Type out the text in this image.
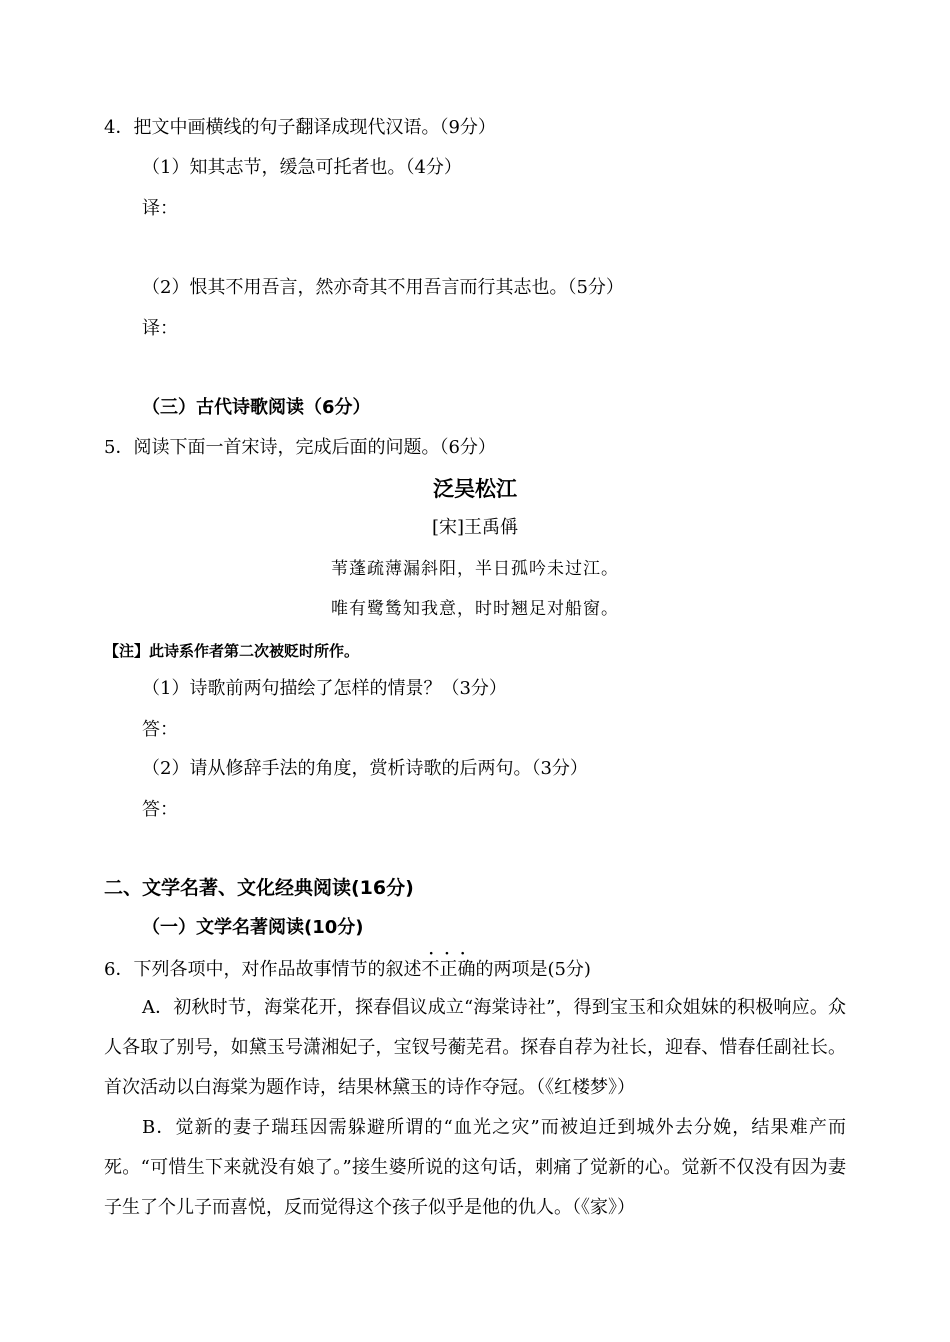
4．把文中画横线的句子翻译成现代汉语。（9分）
（1）知其志节，缓急可托者也。（4分）
译：
（2）恨其不用吾言，然亦奇其不用吾言而行其志也。（5分）
译：
（三）古代诗歌阅读（6分）
5．阅读下面一首宋诗，完成后面的问题。（6分）
泛吴松江
[宋]王禹偁
苇蓬疏薄漏斜阳，半日孤吟未过江。
唯有鹭鸶知我意，时时翘足对船窗。
【注】此诗系作者第二次被贬时所作。
（1）诗歌前两句描绘了怎样的情景？（3分）
答：
（2）请从修辞手法的角度，赏析诗歌的后两句。（3分）
答：
二、文学名著、文化经典阅读(16分)
（一）文学名著阅读(10分)
6．下列各项中，对作品故事情节的叙述· · · 不正确的两项是(5分)
A．初秋时节，海棠花开，探春倡议成立“海棠诗社”，得到宝玉和众姐妹的积极响应。众人各取了别号，如黛玉号潇湘妃子，宝钗号蘅芜君。探春自荐为社长，迎春、惜春任副社长。首次活动以白海棠为题作诗，结果林黛玉的诗作夺冠。（《红楼梦》）
B．觉新的妻子瑞珏因需躲避所谓的“血光之灾”而被迫迁到城外去分娩，结果难产而死。“可惜生下来就没有娘了。”接生婆所说的这句话，刺痛了觉新的心。觉新不仅没有因为妻子生了个儿子而喜悦，反而觉得这个孩子似乎是他的仇人。（《家》）
